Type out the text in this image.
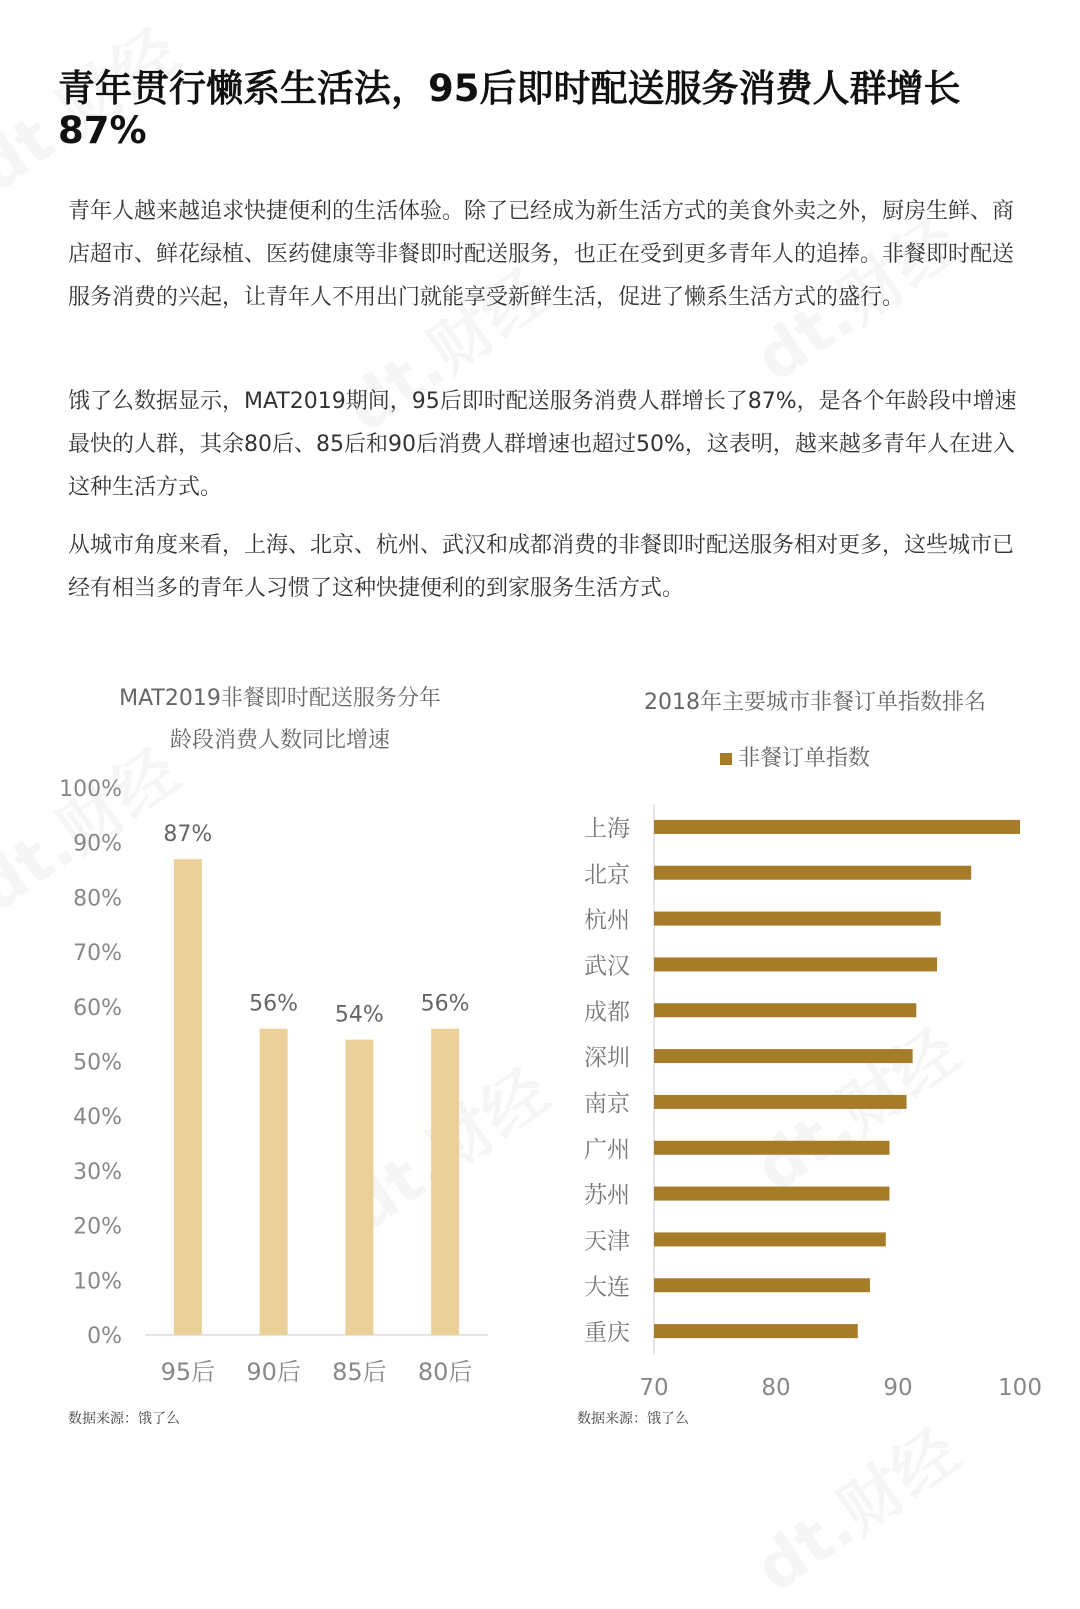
青年贯行懒系生活法，95后即时配送服务消费人群增长87%

青年人越来越追求快捷便利的生活体验。除了已经成为新生活方式的美食外卖之外，厨房生鲜、商店超市、鲜花绿植、医药健康等非餐即时配送服务，也正在受到更多青年人的追捧。非餐即时配送服务消费的兴起，让青年人不用出门就能享受新鲜生活，促进了懒系生活方式的盛行。

饿了么数据显示，MAT2019期间，95后即时配送服务消费人群增长了87%，是各个年龄段中增速最快的人群，其余80后、85后和90后消费人群增速也超过50%，这表明，越来越多青年人在进入这种生活方式。

从城市角度来看，上海、北京、杭州、武汉和成都消费的非餐即时配送服务相对更多，这些城市已经有相当多的青年人习惯了这种快捷便利的到家服务生活方式。

MAT2019非餐即时配送服务分年
龄段消费人数同比增速
2018年主要城市非餐订单指数排名
非餐订单指数
0%
10%
20%
30%
40%
50%
60%
70%
80%
90%
100%
87%
95后
56%
90后
54%
85后
56%
80后
70	80	90	100
上海
北京
杭州
武汉
成都
深圳
南京
广州
苏州
天津
大连
重庆
数据来源：饿了么	数据来源：饿了么
